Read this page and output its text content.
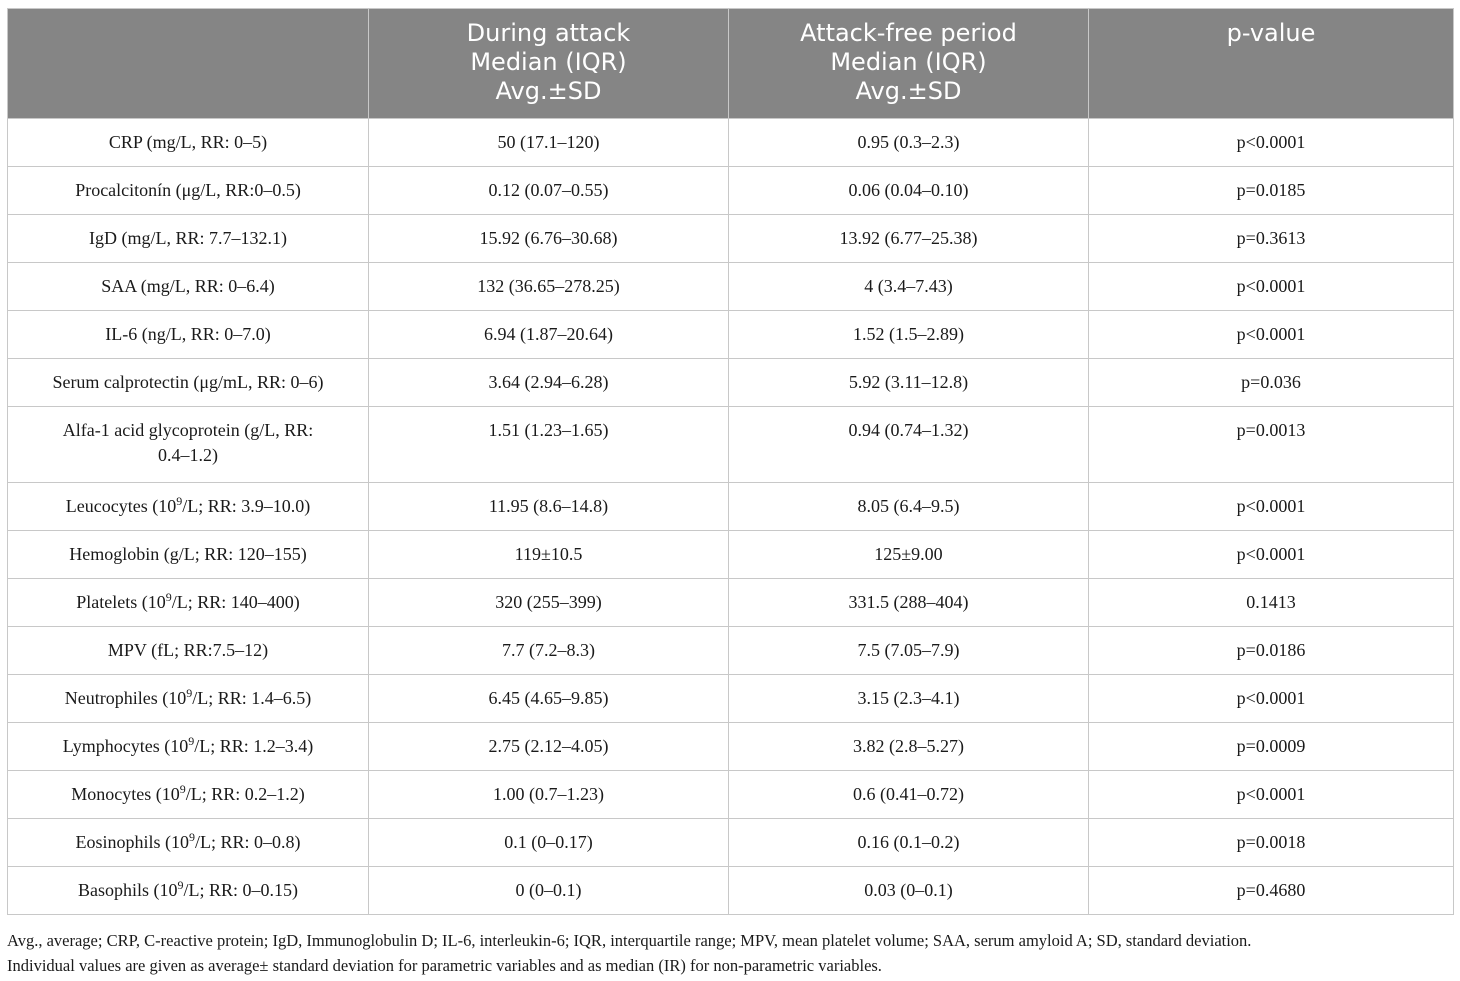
	During attack
Median (IQR)
Avg.±SD	Attack-free period
Median (IQR)
Avg.±SD	p-value

CRP (mg/L, RR: 0–5)	50 (17.1–120)	0.95 (0.3–2.3)	p<0.0001
Procalcitonín (μg/L, RR:0–0.5)	0.12 (0.07–0.55)	0.06 (0.04–0.10)	p=0.0185
IgD (mg/L, RR: 7.7–132.1)	15.92 (6.76–30.68)	13.92 (6.77–25.38)	p=0.3613
SAA (mg/L, RR: 0–6.4)	132 (36.65–278.25)	4 (3.4–7.43)	p<0.0001
IL-6 (ng/L, RR: 0–7.0)	6.94 (1.87–20.64)	1.52 (1.5–2.89)	p<0.0001
Serum calprotectin (μg/mL, RR: 0–6)	3.64 (2.94–6.28)	5.92 (3.11–12.8)	p=0.036
Alfa-1 acid glycoprotein (g/L, RR:
0.4–1.2)	1.51 (1.23–1.65)	0.94 (0.74–1.32)	p=0.0013
Leucocytes ($10^9/L$; RR: 3.9–10.0)	11.95 (8.6–14.8)	8.05 (6.4–9.5)	p<0.0001
Hemoglobin (g/L; RR: 120–155)	119±10.5	125±9.00	p<0.0001
Platelets ($10^9/L$; RR: 140–400)	320 (255–399)	331.5 (288–404)	0.1413
MPV (fL; RR:7.5–12)	7.7 (7.2–8.3)	7.5 (7.05–7.9)	p=0.0186
Neutrophiles ($10^9/L$; RR: 1.4–6.5)	6.45 (4.65–9.85)	3.15 (2.3–4.1)	p<0.0001
Lymphocytes ($10^9/L$; RR: 1.2–3.4)	2.75 (2.12–4.05)	3.82 (2.8–5.27)	p=0.0009
Monocytes ($10^9/L$; RR: 0.2–1.2)	1.00 (0.7–1.23)	0.6 (0.41–0.72)	p<0.0001
Eosinophils ($10^9/L$; RR: 0–0.8)	0.1 (0–0.17)	0.16 (0.1–0.2)	p=0.0018
Basophils ($10^9/L$; RR: 0–0.15)	0 (0–0.1)	0.03 (0–0.1)	p=0.4680

Avg., average; CRP, C-reactive protein; IgD, Immunoglobulin D; IL-6, interleukin-6; IQR, interquartile range; MPV, mean platelet volume; SAA, serum amyloid A; SD, standard deviation.

Individual values are given as average± standard deviation for parametric variables and as median (IR) for non-parametric variables.
